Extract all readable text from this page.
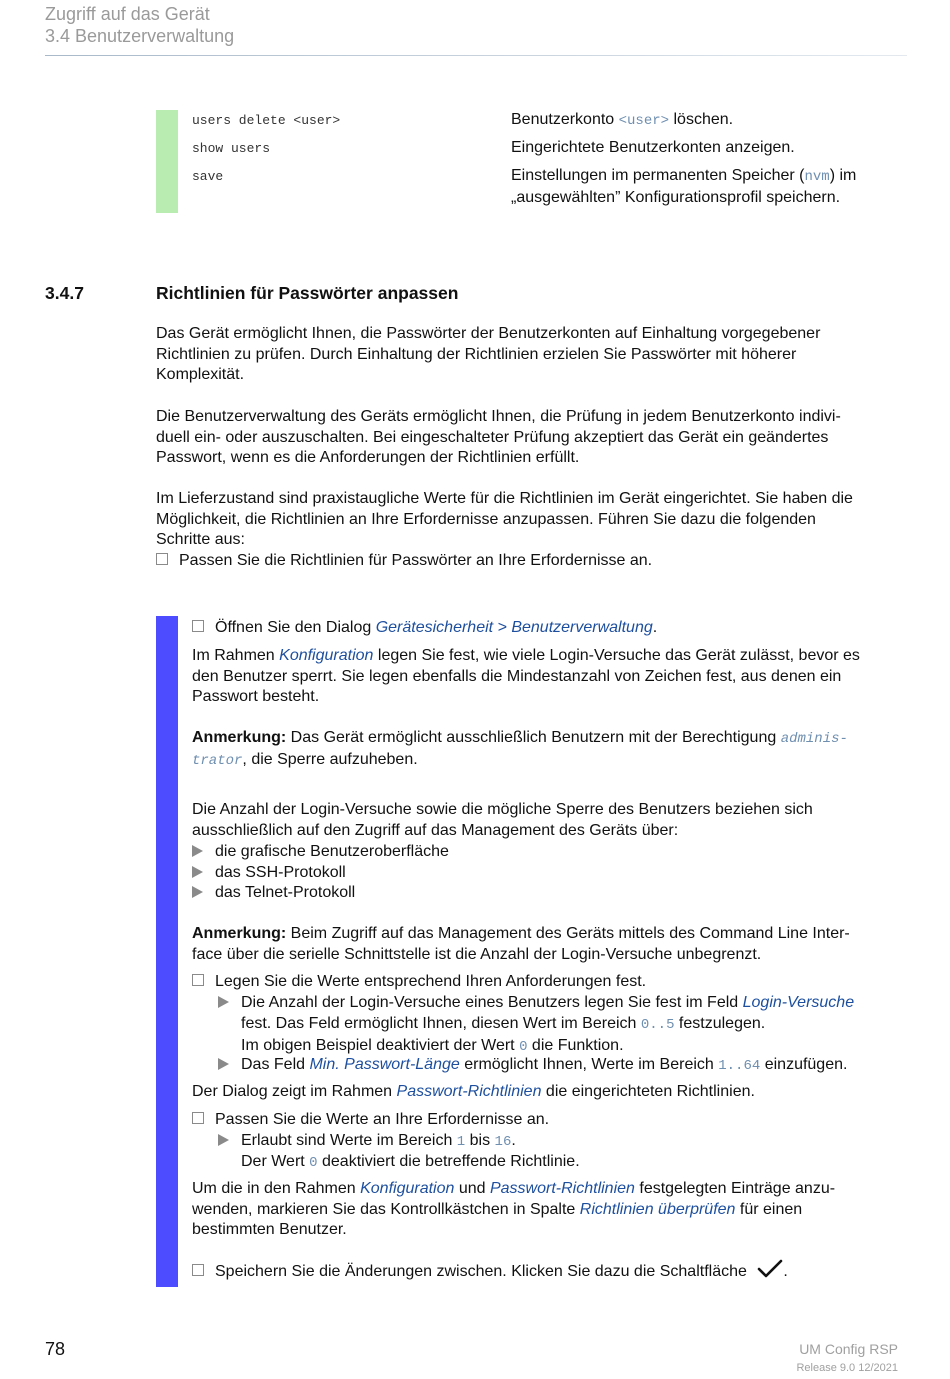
Zugriff auf das Gerät
3.4 Benutzerverwaltung
users delete <user>	Benutzerkonto <user> löschen.
show users	Eingerichtete Benutzerkonten anzeigen.
save	Einstellungen im permanenten Speicher (nvm) im
„ausgewählten” Konfigurationsprofil speichern.
3.4.7	Richtlinien für Passwörter anpassen
Das Gerät ermöglicht Ihnen, die Passwörter der Benutzerkonten auf Einhaltung vorgegebener
Richtlinien zu prüfen. Durch Einhaltung der Richtlinien erzielen Sie Passwörter mit höherer
Komplexität.
Die Benutzerverwaltung des Geräts ermöglicht Ihnen, die Prüfung in jedem Benutzerkonto indivi-
duell ein- oder auszuschalten. Bei eingeschalteter Prüfung akzeptiert das Gerät ein geändertes
Passwort, wenn es die Anforderungen der Richtlinien erfüllt.
Im Lieferzustand sind praxistaugliche Werte für die Richtlinien im Gerät eingerichtet. Sie haben die
Möglichkeit, die Richtlinien an Ihre Erfordernisse anzupassen. Führen Sie dazu die folgenden
Schritte aus:
Passen Sie die Richtlinien für Passwörter an Ihre Erfordernisse an.
Öffnen Sie den Dialog Gerätesicherheit > Benutzerverwaltung.
Im Rahmen Konfiguration legen Sie fest, wie viele Login-Versuche das Gerät zulässt, bevor es
den Benutzer sperrt. Sie legen ebenfalls die Mindestanzahl von Zeichen fest, aus denen ein
Passwort besteht.
Anmerkung: Das Gerät ermöglicht ausschließlich Benutzern mit der Berechtigung adminis-
trator, die Sperre aufzuheben.
Die Anzahl der Login-Versuche sowie die mögliche Sperre des Benutzers beziehen sich
ausschließlich auf den Zugriff auf das Management des Geräts über:
die grafische Benutzeroberfläche
das SSH-Protokoll
das Telnet-Protokoll
Anmerkung: Beim Zugriff auf das Management des Geräts mittels des Command Line Inter-
face über die serielle Schnittstelle ist die Anzahl der Login-Versuche unbegrenzt.
Legen Sie die Werte entsprechend Ihren Anforderungen fest.
Die Anzahl der Login-Versuche eines Benutzers legen Sie fest im Feld Login-Versuche
fest. Das Feld ermöglicht Ihnen, diesen Wert im Bereich 0..5 festzulegen.
Im obigen Beispiel deaktiviert der Wert 0 die Funktion.
Das Feld Min. Passwort-Länge ermöglicht Ihnen, Werte im Bereich 1..64 einzufügen.
Der Dialog zeigt im Rahmen Passwort-Richtlinien die eingerichteten Richtlinien.
Passen Sie die Werte an Ihre Erfordernisse an.
Erlaubt sind Werte im Bereich 1 bis 16.
Der Wert 0 deaktiviert die betreffende Richtlinie.
Um die in den Rahmen Konfiguration und Passwort-Richtlinien festgelegten Einträge anzu-
wenden, markieren Sie das Kontrollkästchen in Spalte Richtlinien überprüfen für einen
bestimmten Benutzer.
Speichern Sie die Änderungen zwischen. Klicken Sie dazu die Schaltfläche .
78	UM Config RSP
Release 9.0 12/2021
